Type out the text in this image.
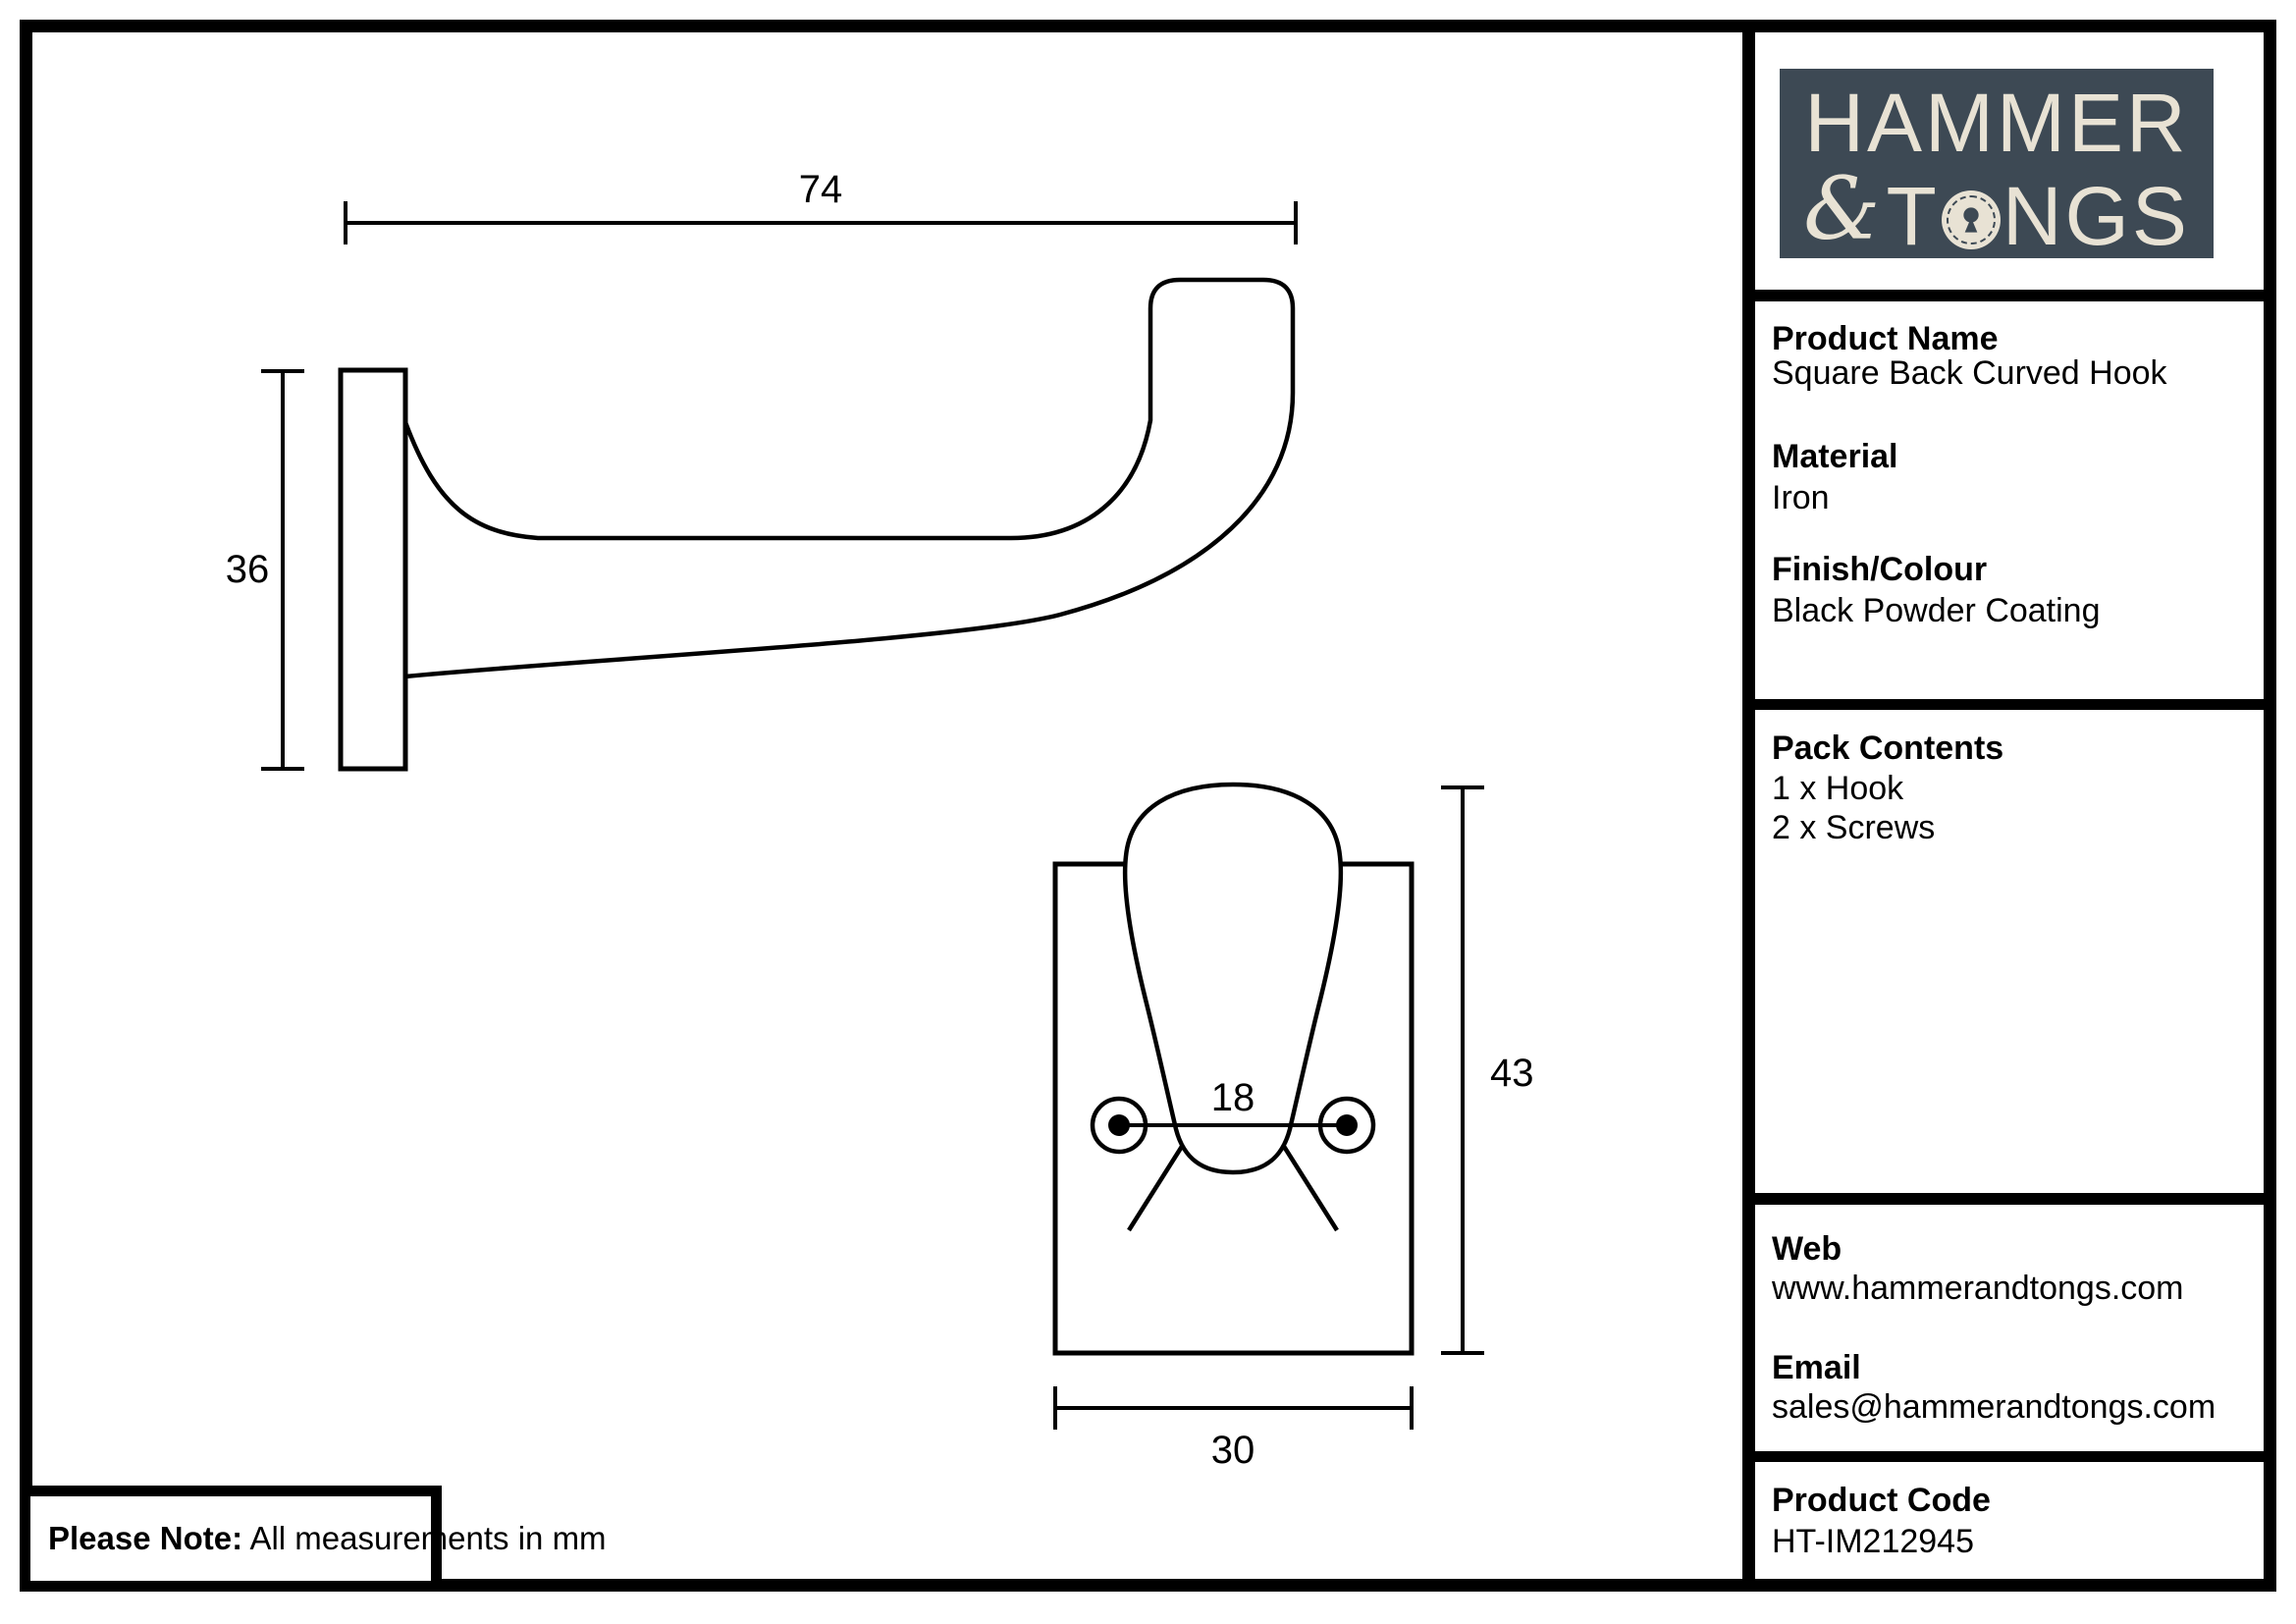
74
36
18
43
30
HAMMER
& T NGS
Product Name
Square Back Curved Hook
Material
Iron
Finish/Colour
Black Powder Coating
Pack Contents
1 x Hook
2 x Screws
Web
www.hammerandtongs.com
Email
sales@hammerandtongs.com
Product Code
HT-IM212945
Please Note: All measurements in mm
